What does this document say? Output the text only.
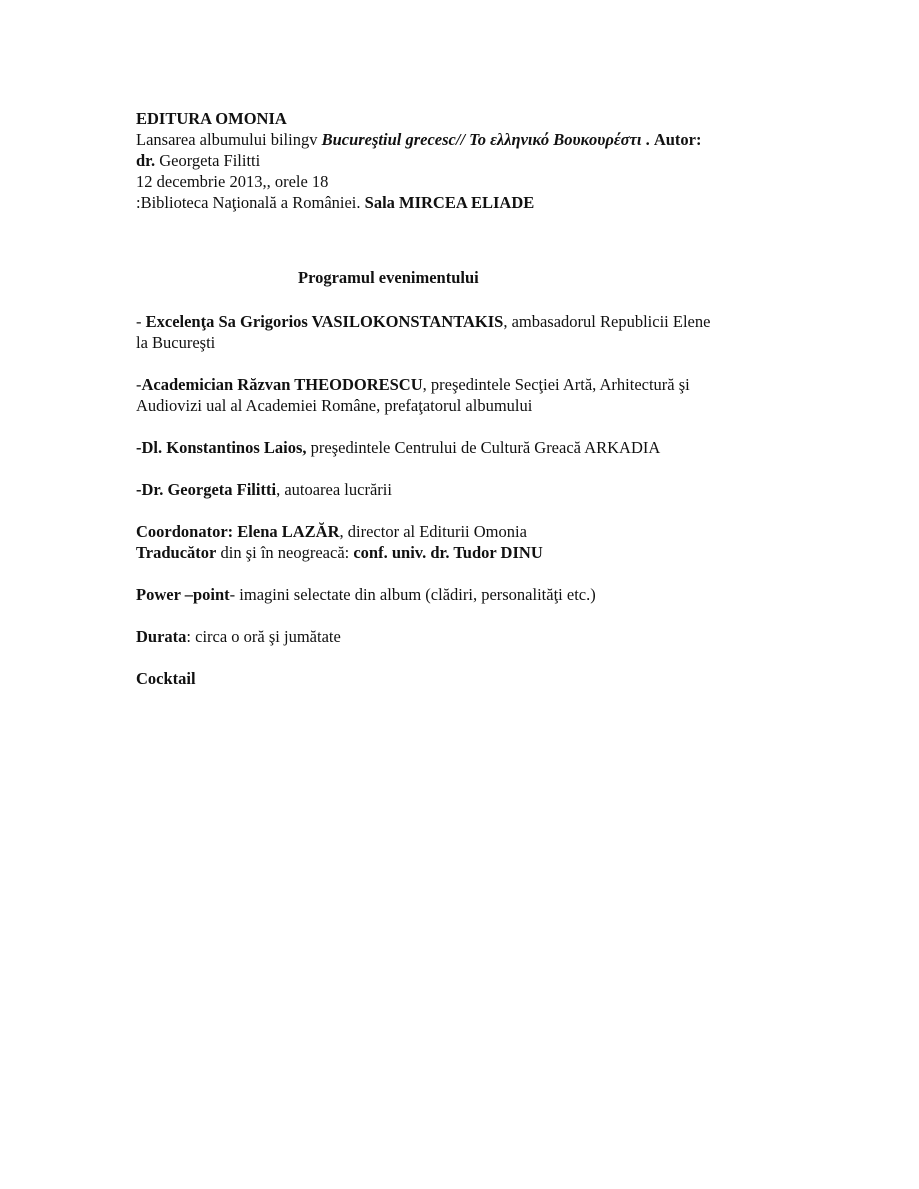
EDITURA OMONIA
Lansarea albumului bilingv Bucureştiul grecesc// Το ελληνικό Βουκουρέστι . Autor:
dr. Georgeta Filitti
12 decembrie 2013,, orele 18
:Biblioteca Naţională a României. Sala MIRCEA ELIADE
Programul evenimentului
- Excelenţa Sa Grigorios VASILOKONSTANTAKIS, ambasadorul Republicii Elene
la Bucureşti
-Academician Răzvan THEODORESCU, preşedintele Secţiei Artă, Arhitectură şi
Audiovizi ual al Academiei Române, prefaţatorul albumului
-Dl. Konstantinos Laios, preşedintele Centrului de Cultură Greacă ARKADIA
-Dr. Georgeta Filitti, autoarea lucrării
Coordonator: Elena LAZĂR, director al Editurii Omonia
Traducător din şi în neogreacă: conf. univ. dr. Tudor DINU
Power –point- imagini selectate din album (clădiri, personalităţi etc.)
Durata: circa o oră şi jumătate
Cocktail
